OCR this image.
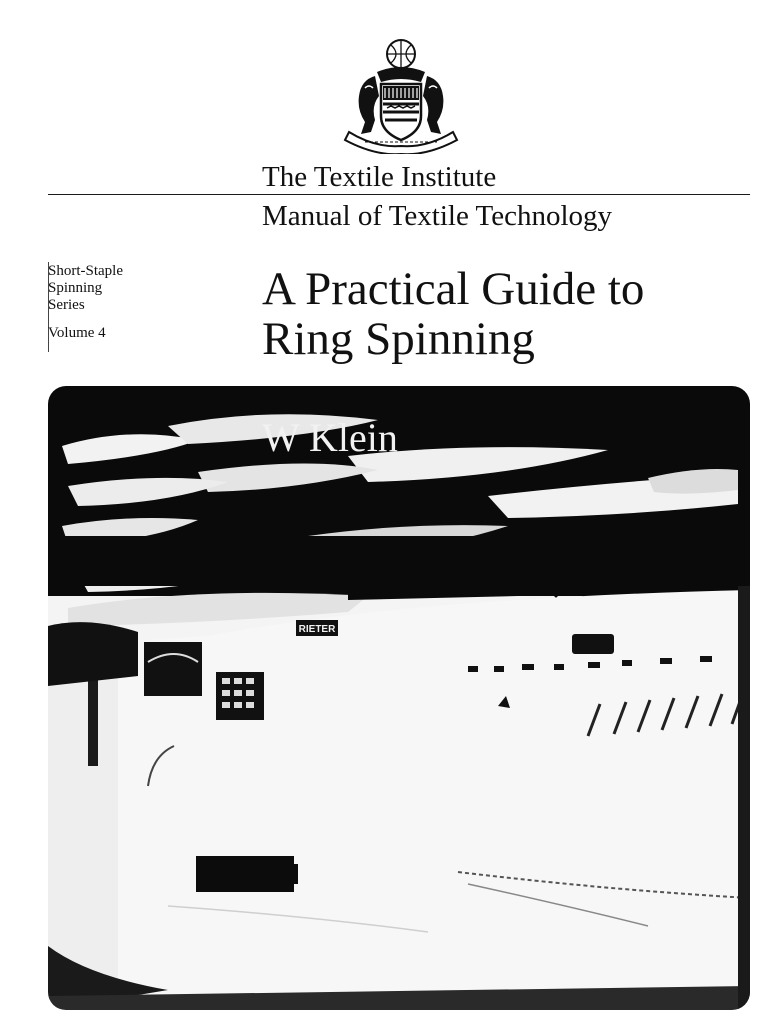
The Textile Institute
Manual of Textile Technology
Short-Staple
Spinning
Series
Volume 4
A Practical Guide to
Ring Spinning
RIETER
W Klein
